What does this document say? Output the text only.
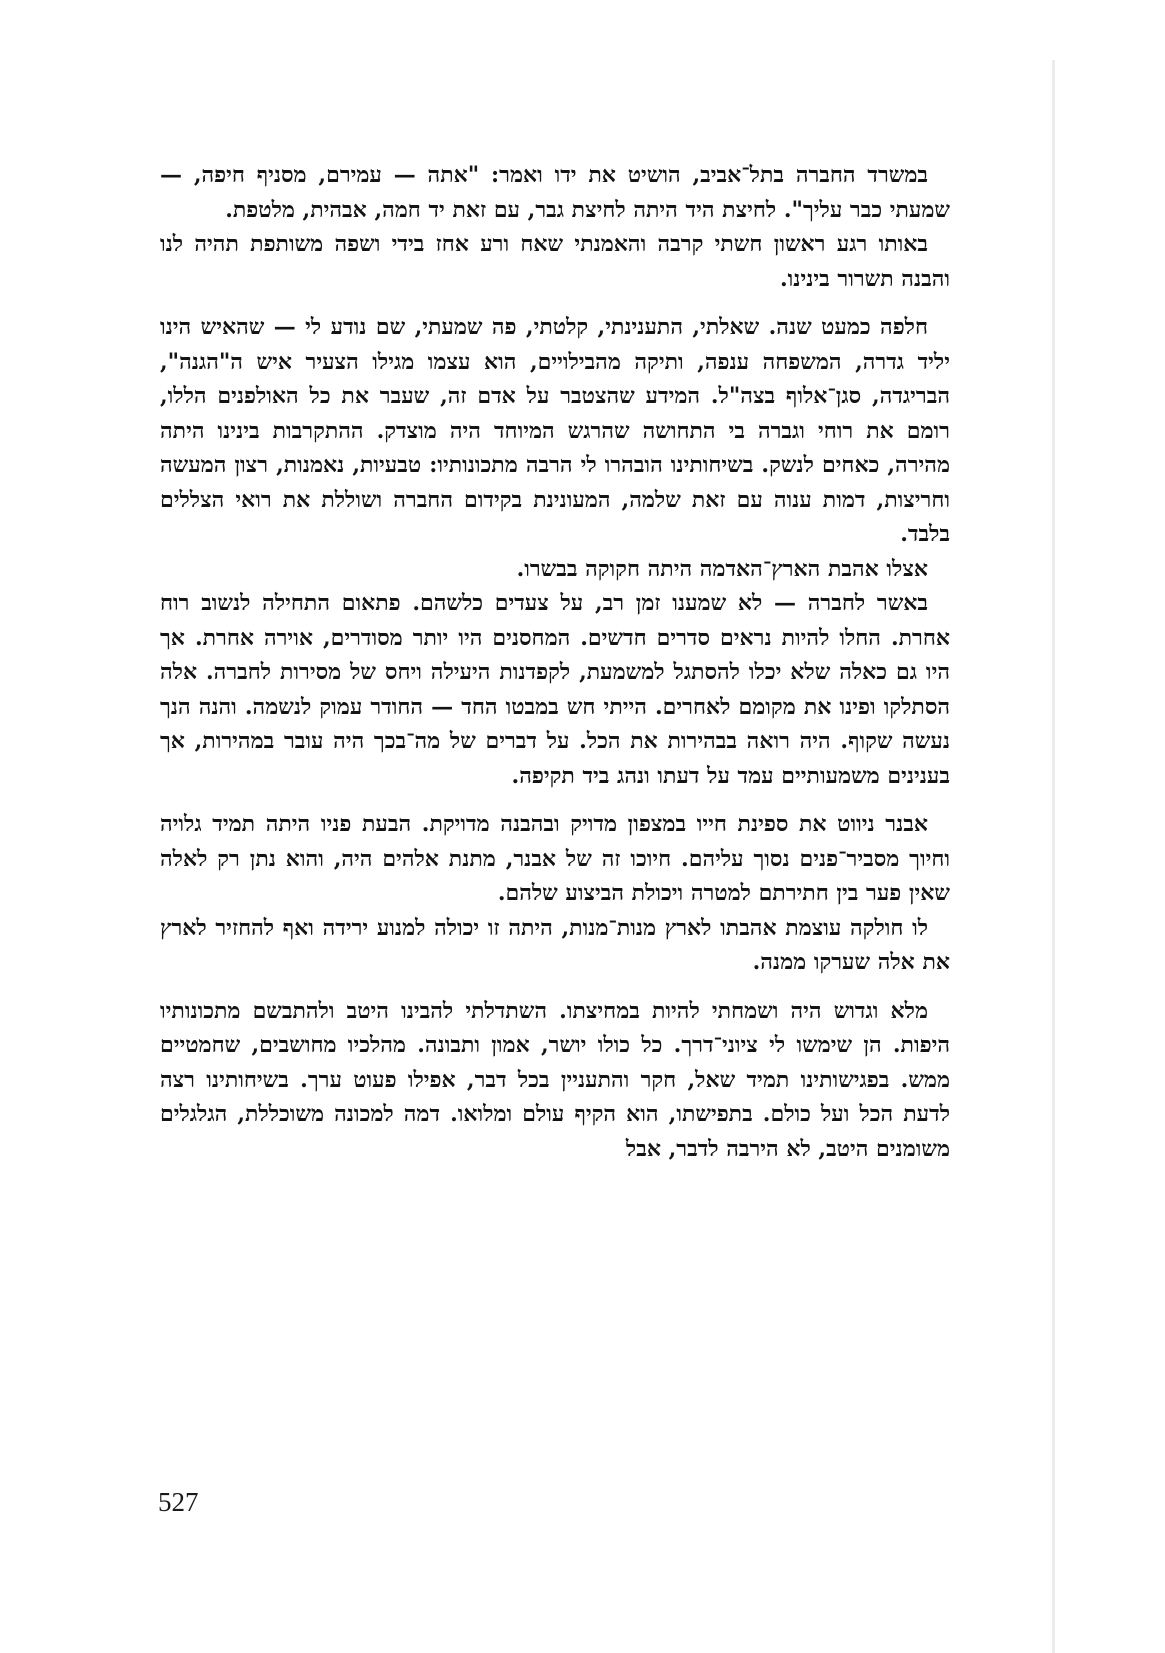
במשרד החברה בתל־אביב, הושיט את ידו ואמר: "אתה — עמירם, מסניף חיפה, — שמעתי כבר עליך". לחיצת היד היתה לחיצת גבר, עם זאת יד חמה, אבהית, מלטפת.

באותו רגע ראשון חשתי קרבה והאמנתי שאח ורע אחז בידי ושפה משותפת תהיה לנו והבנה תשרור בינינו.

חלפה כמעט שנה. שאלתי, התענינתי, קלטתי, פה שמעתי, שם נודע לי — שהאיש הינו יליד גדרה, המשפחה ענפה, ותיקה מהבילויים, הוא עצמו מגילו הצעיר איש ה"הגנה", הבריגדה, סגן־אלוף בצה"ל. המידע שהצטבר על אדם זה, שעבר את כל האולפנים הללו, רומם את רוחי וגברה בי התחושה שהרגש המיוחד היה מוצדק. ההתקרבות בינינו היתה מהירה, כאחים לנשק. בשיחותינו הובהרו לי הרבה מתכונותיו: טבעיות, נאמנות, רצון המעשה וחריצות, דמות ענוה עם זאת שלמה, המעונינת בקידום החברה ושוללת את רואי הצללים בלבד.

אצלו אהבת הארץ־האדמה היתה חקוקה בבשרו.

באשר לחברה — לא שמענו זמן רב, על צעדים כלשהם. פתאום התחילה לנשוב רוח אחרת. החלו להיות נראים סדרים חדשים. המחסנים היו יותר מסודרים, אוירה אחרת. אך היו גם כאלה שלא יכלו להסתגל למשמעת, לקפדנות היעילה ויחס של מסירות לחברה. אלה הסתלקו ופינו את מקומם לאחרים. הייתי חש במבטו החד — החודר עמוק לנשמה. והנה הנך נעשה שקוף. היה רואה בבהירות את הכל. על דברים של מה־בכך היה עובר במהירות, אך בענינים משמעותיים עמד על דעתו ונהג ביד תקיפה.

אבנר ניווט את ספינת חייו במצפון מדויק ובהבנה מדויקת. הבעת פניו היתה תמיד גלויה וחיוך מסביר־פנים נסוך עליהם. חיוכו זה של אבנר, מתנת אלהים היה, והוא נתן רק לאלה שאין פער בין חתירתם למטרה ויכולת הביצוע שלהם.

לו חולקה עוצמת אהבתו לארץ מנות־מנות, היתה זו יכולה למנוע ירידה ואף להחזיר לארץ את אלה שערקו ממנה.

מלא וגדוש היה ושמחתי להיות במחיצתו. השתדלתי להבינו היטב ולהתבשם מתכונותיו היפות. הן שימשו לי ציוני־דרך. כל כולו יושר, אמון ותבונה. מהלכיו מחושבים, שחמטיים ממש. בפגישותינו תמיד שאל, חקר והתעניין בכל דבר, אפילו פעוט ערך. בשיחותינו רצה לדעת הכל ועל כולם. בתפישתו, הוא הקיף עולם ומלואו. דמה למכונה משוכללת, הגלגלים משומנים היטב, לא הירבה לדבר, אבל

527
